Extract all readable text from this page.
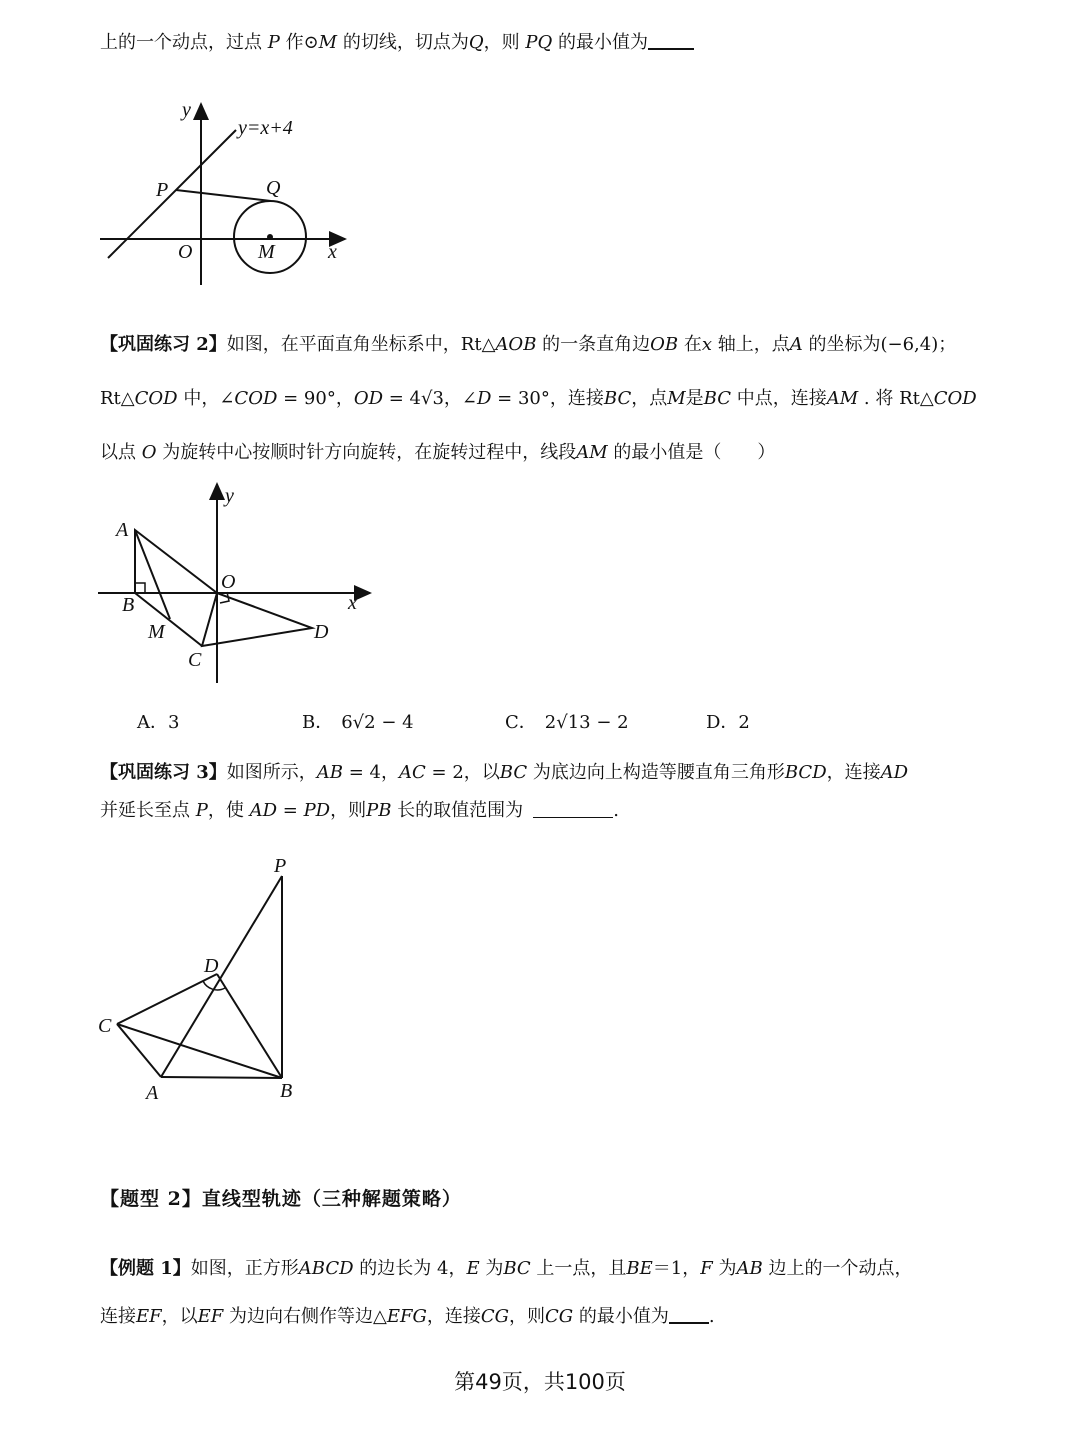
上的一个动点，过点 P 作⊙M 的切线，切点为Q，则 PQ 的最小值为
y
x
y=x+4
P	Q
O	M
【巩固练习 2】如图，在平面直角坐标系中，Rt△AOB 的一条直角边OB 在x 轴上，点A 的坐标为(−6,4)；
Rt△COD 中，∠COD = 90°，OD = 4√3，∠D = 30°，连接BC，点M是BC 中点，连接AM . 将 Rt△COD
以点 O 为旋转中心按顺时针方向旋转，在旋转过程中，线段AM 的最小值是（　　）
y
x
A
B
O
M
C
D
A．3	B． 6√2 − 4	C． 2√13 − 2	D．2
【巩固练习 3】如图所示，AB = 4，AC = 2，以BC 为底边向上构造等腰直角三角形BCD，连接AD
并延长至点 P，使 AD = PD，则PB 长的取值范围为	.
P
D
C
A	B
【题型 2】直线型轨迹（三种解题策略）
【例题 1】如图，正方形ABCD 的边长为 4，E 为BC 上一点，且BE＝1，F 为AB 边上的一个动点，
连接EF，以EF 为边向右侧作等边△EFG，连接CG，则CG 的最小值为 .
第49页，共100页
